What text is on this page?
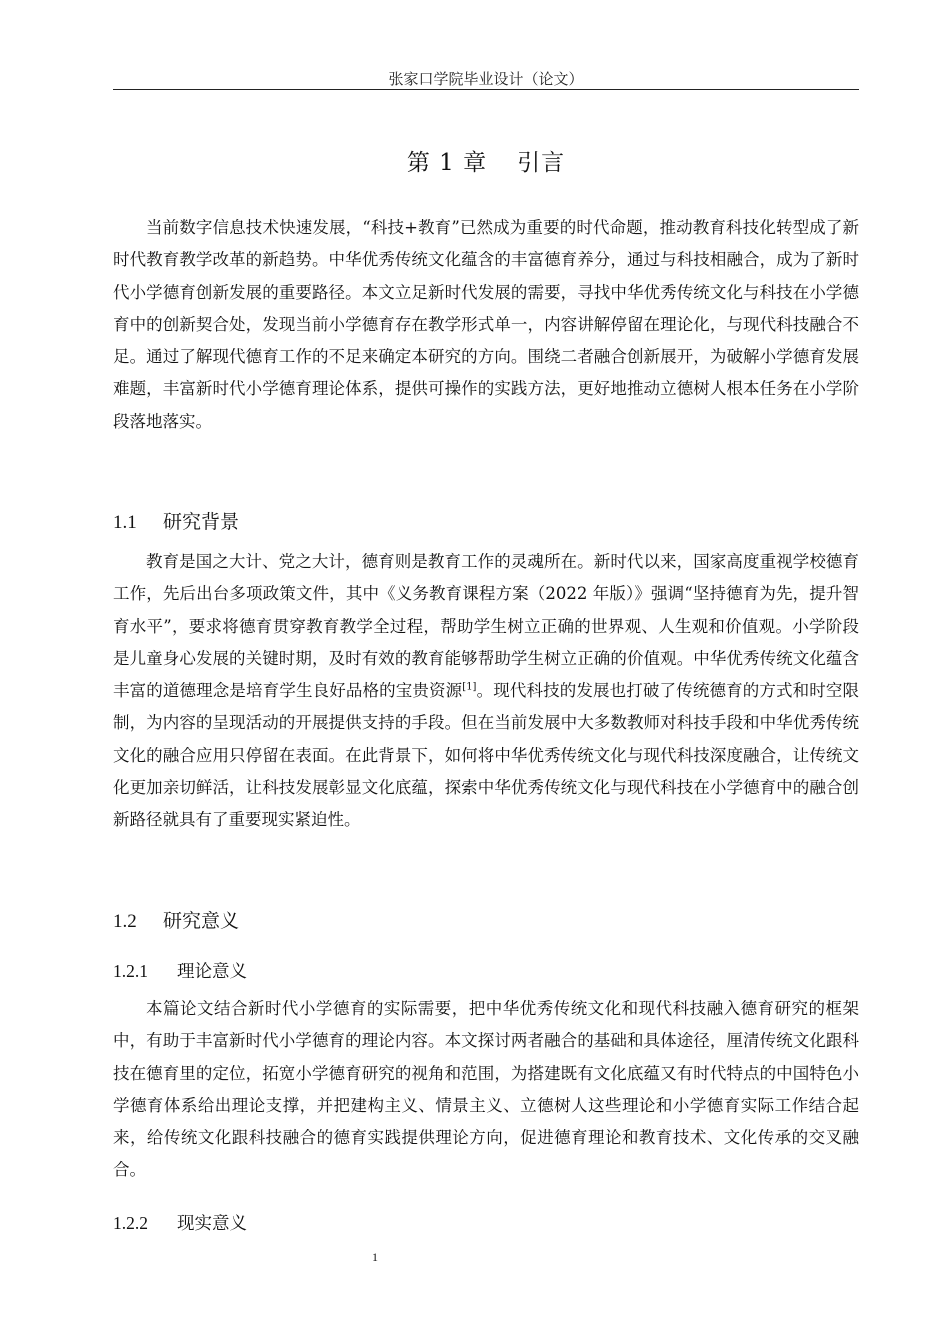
张家口学院毕业设计（论文）
第 1 章 引言

当前数字信息技术快速发展，“科技+教育”已然成为重要的时代命题，推动教育科技化转型成了新时代教育教学改革的新趋势。中华优秀传统文化蕴含的丰富德育养分，通过与科技相融合，成为了新时代小学德育创新发展的重要路径。本文立足新时代发展的需要，寻找中华优秀传统文化与科技在小学德育中的创新契合处，发现当前小学德育存在教学形式单一，内容讲解停留在理论化，与现代科技融合不足。通过了解现代德育工作的不足来确定本研究的方向。围绕二者融合创新展开，为破解小学德育发展难题，丰富新时代小学德育理论体系，提供可操作的实践方法，更好地推动立德树人根本任务在小学阶段落地落实。

1.1 研究背景

教育是国之大计、党之大计，德育则是教育工作的灵魂所在。新时代以来，国家高度重视学校德育工作，先后出台多项政策文件，其中《义务教育课程方案（2022 年版）》强调“坚持德育为先，提升智育水平”，要求将德育贯穿教育教学全过程，帮助学生树立正确的世界观、人生观和价值观。小学阶段是儿童身心发展的关键时期，及时有效的教育能够帮助学生树立正确的价值观。中华优秀传统文化蕴含丰富的道德理念是培育学生良好品格的宝贵资源[1]。现代科技的发展也打破了传统德育的方式和时空限制，为内容的呈现活动的开展提供支持的手段。但在当前发展中大多数教师对科技手段和中华优秀传统文化的融合应用只停留在表面。在此背景下，如何将中华优秀传统文化与现代科技深度融合，让传统文化更加亲切鲜活，让科技发展彰显文化底蕴，探索中华优秀传统文化与现代科技在小学德育中的融合创新路径就具有了重要现实紧迫性。

1.2 研究意义
1.2.1 理论意义

本篇论文结合新时代小学德育的实际需要，把中华优秀传统文化和现代科技融入德育研究的框架中，有助于丰富新时代小学德育的理论内容。本文探讨两者融合的基础和具体途径，厘清传统文化跟科技在德育里的定位，拓宽小学德育研究的视角和范围，为搭建既有文化底蕴又有时代特点的中国特色小学德育体系给出理论支撑，并把建构主义、情景主义、立德树人这些理论和小学德育实际工作结合起来，给传统文化跟科技融合的德育实践提供理论方向，促进德育理论和教育技术、文化传承的交叉融合。

1.2.2 现实意义
1
